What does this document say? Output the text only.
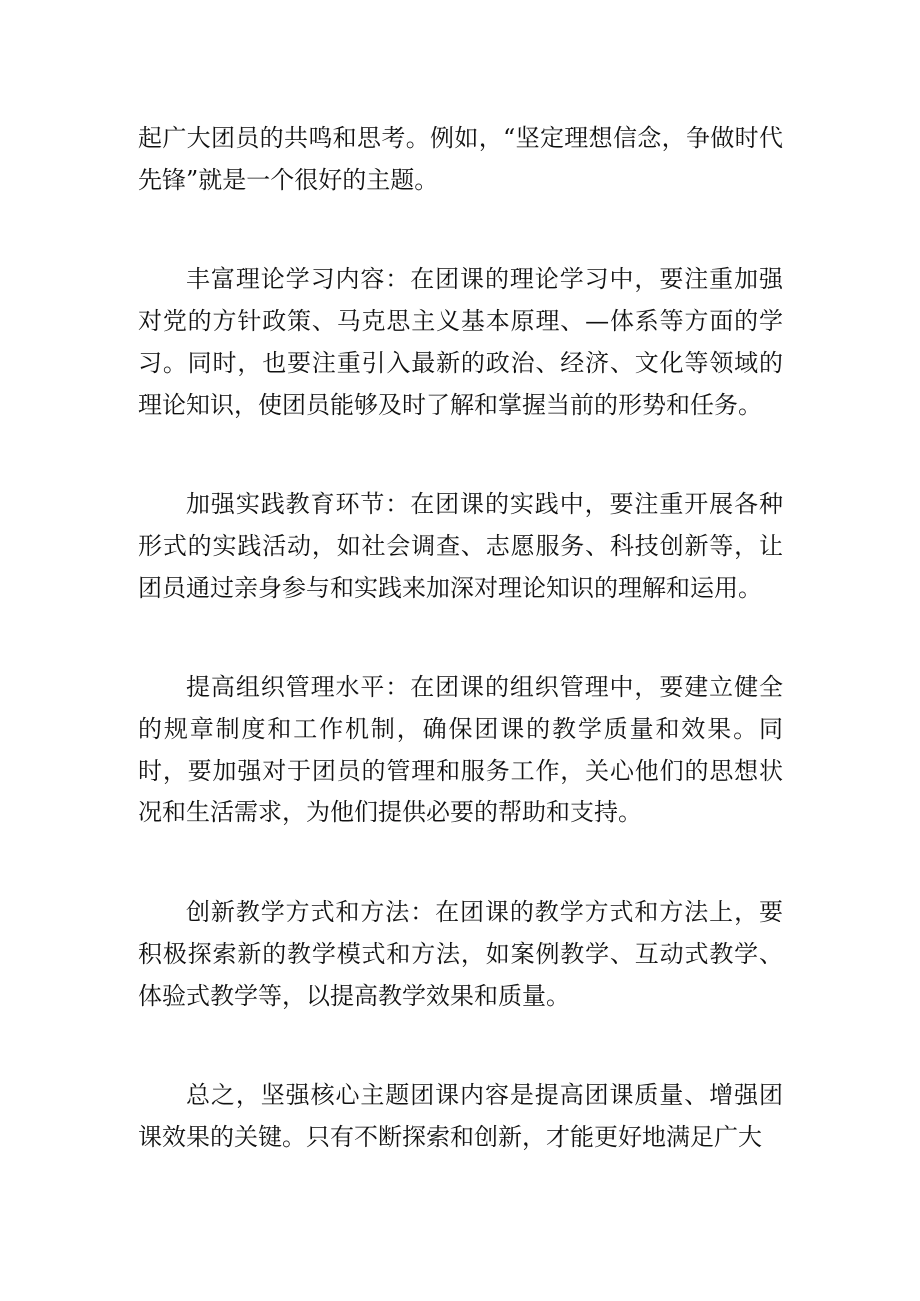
起广大团员的共鸣和思考。例如，“坚定理想信念，争做时代先锋”就是一个很好的主题。

丰富理论学习内容：在团课的理论学习中，要注重加强对党的方针政策、马克思主义基本原理、—体系等方面的学习。同时，也要注重引入最新的政治、经济、文化等领域的理论知识，使团员能够及时了解和掌握当前的形势和任务。

加强实践教育环节：在团课的实践中，要注重开展各种形式的实践活动，如社会调查、志愿服务、科技创新等，让团员通过亲身参与和实践来加深对理论知识的理解和运用。

提高组织管理水平：在团课的组织管理中，要建立健全的规章制度和工作机制，确保团课的教学质量和效果。同时，要加强对于团员的管理和服务工作，关心他们的思想状况和生活需求，为他们提供必要的帮助和支持。

创新教学方式和方法：在团课的教学方式和方法上，要积极探索新的教学模式和方法，如案例教学、互动式教学、体验式教学等，以提高教学效果和质量。

总之，坚强核心主题团课内容是提高团课质量、增强团课效果的关键。只有不断探索和创新，才能更好地满足广大
